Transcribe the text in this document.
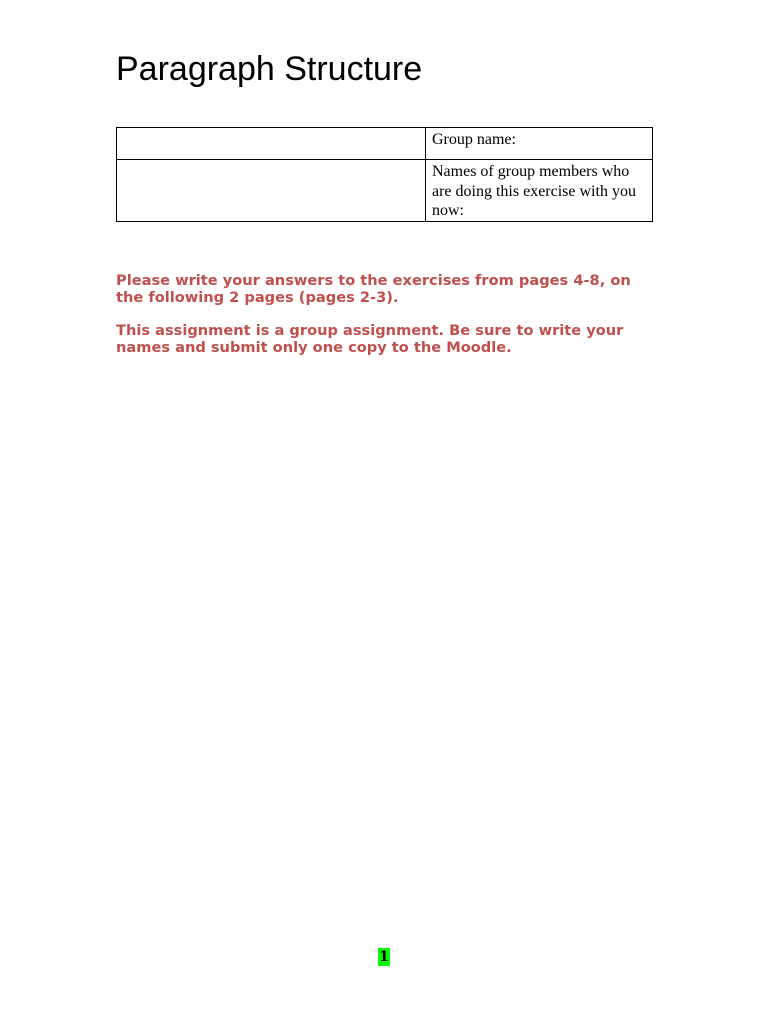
Paragraph Structure
	Group name:
	Names of group members who are doing this exercise with you now:

Please write your answers to the exercises from pages 4-8, on the following 2 pages (pages 2-3).

This assignment is a group assignment. Be sure to write your names and submit only one copy to the Moodle.

1
